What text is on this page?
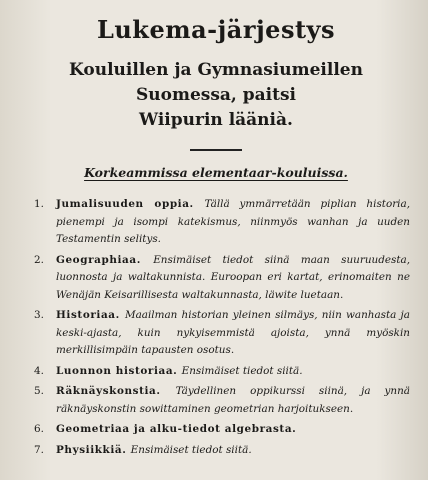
Lukema-järjestys
Kouluillen ja Gymnasiumeillen Suomessa, paitsi
Wiipurin läänià.
Korkeammissa elementaar-kouluissa.
1. Jumalisuuden oppia. Tällä ymmärretään piplian historia, pienempi ja isompi katekismus, niinmyös wanhan ja uuden Testamentin selitys.
2. Geographiaa. Ensimäiset tiedot siinä maan suuruudesta, luonnosta ja waltakunnista. Euroopan eri kartat, erinomaiten ne Wenäjän Keisarillisesta waltakunnasta, läwite luetaan.
3. Historiaa. Maailman historian yleinen silmäys, niin wanhasta ja keski-ajasta, kuin nykyisemmistä ajoista, ynnä myöskin merkillisimpäin tapausten osotus.
4. Luonnon historiaa. Ensimäiset tiedot siitä.
5. Räknäyskonstia. Täydellinen oppikurssi siinä, ja ynnä räknäyskonstin sowittaminen geometrian harjoitukseen.
6. Geometriaa ja alku-tiedot algebrasta.
7. Physiikkiä. Ensimäiset tiedot siitä.
